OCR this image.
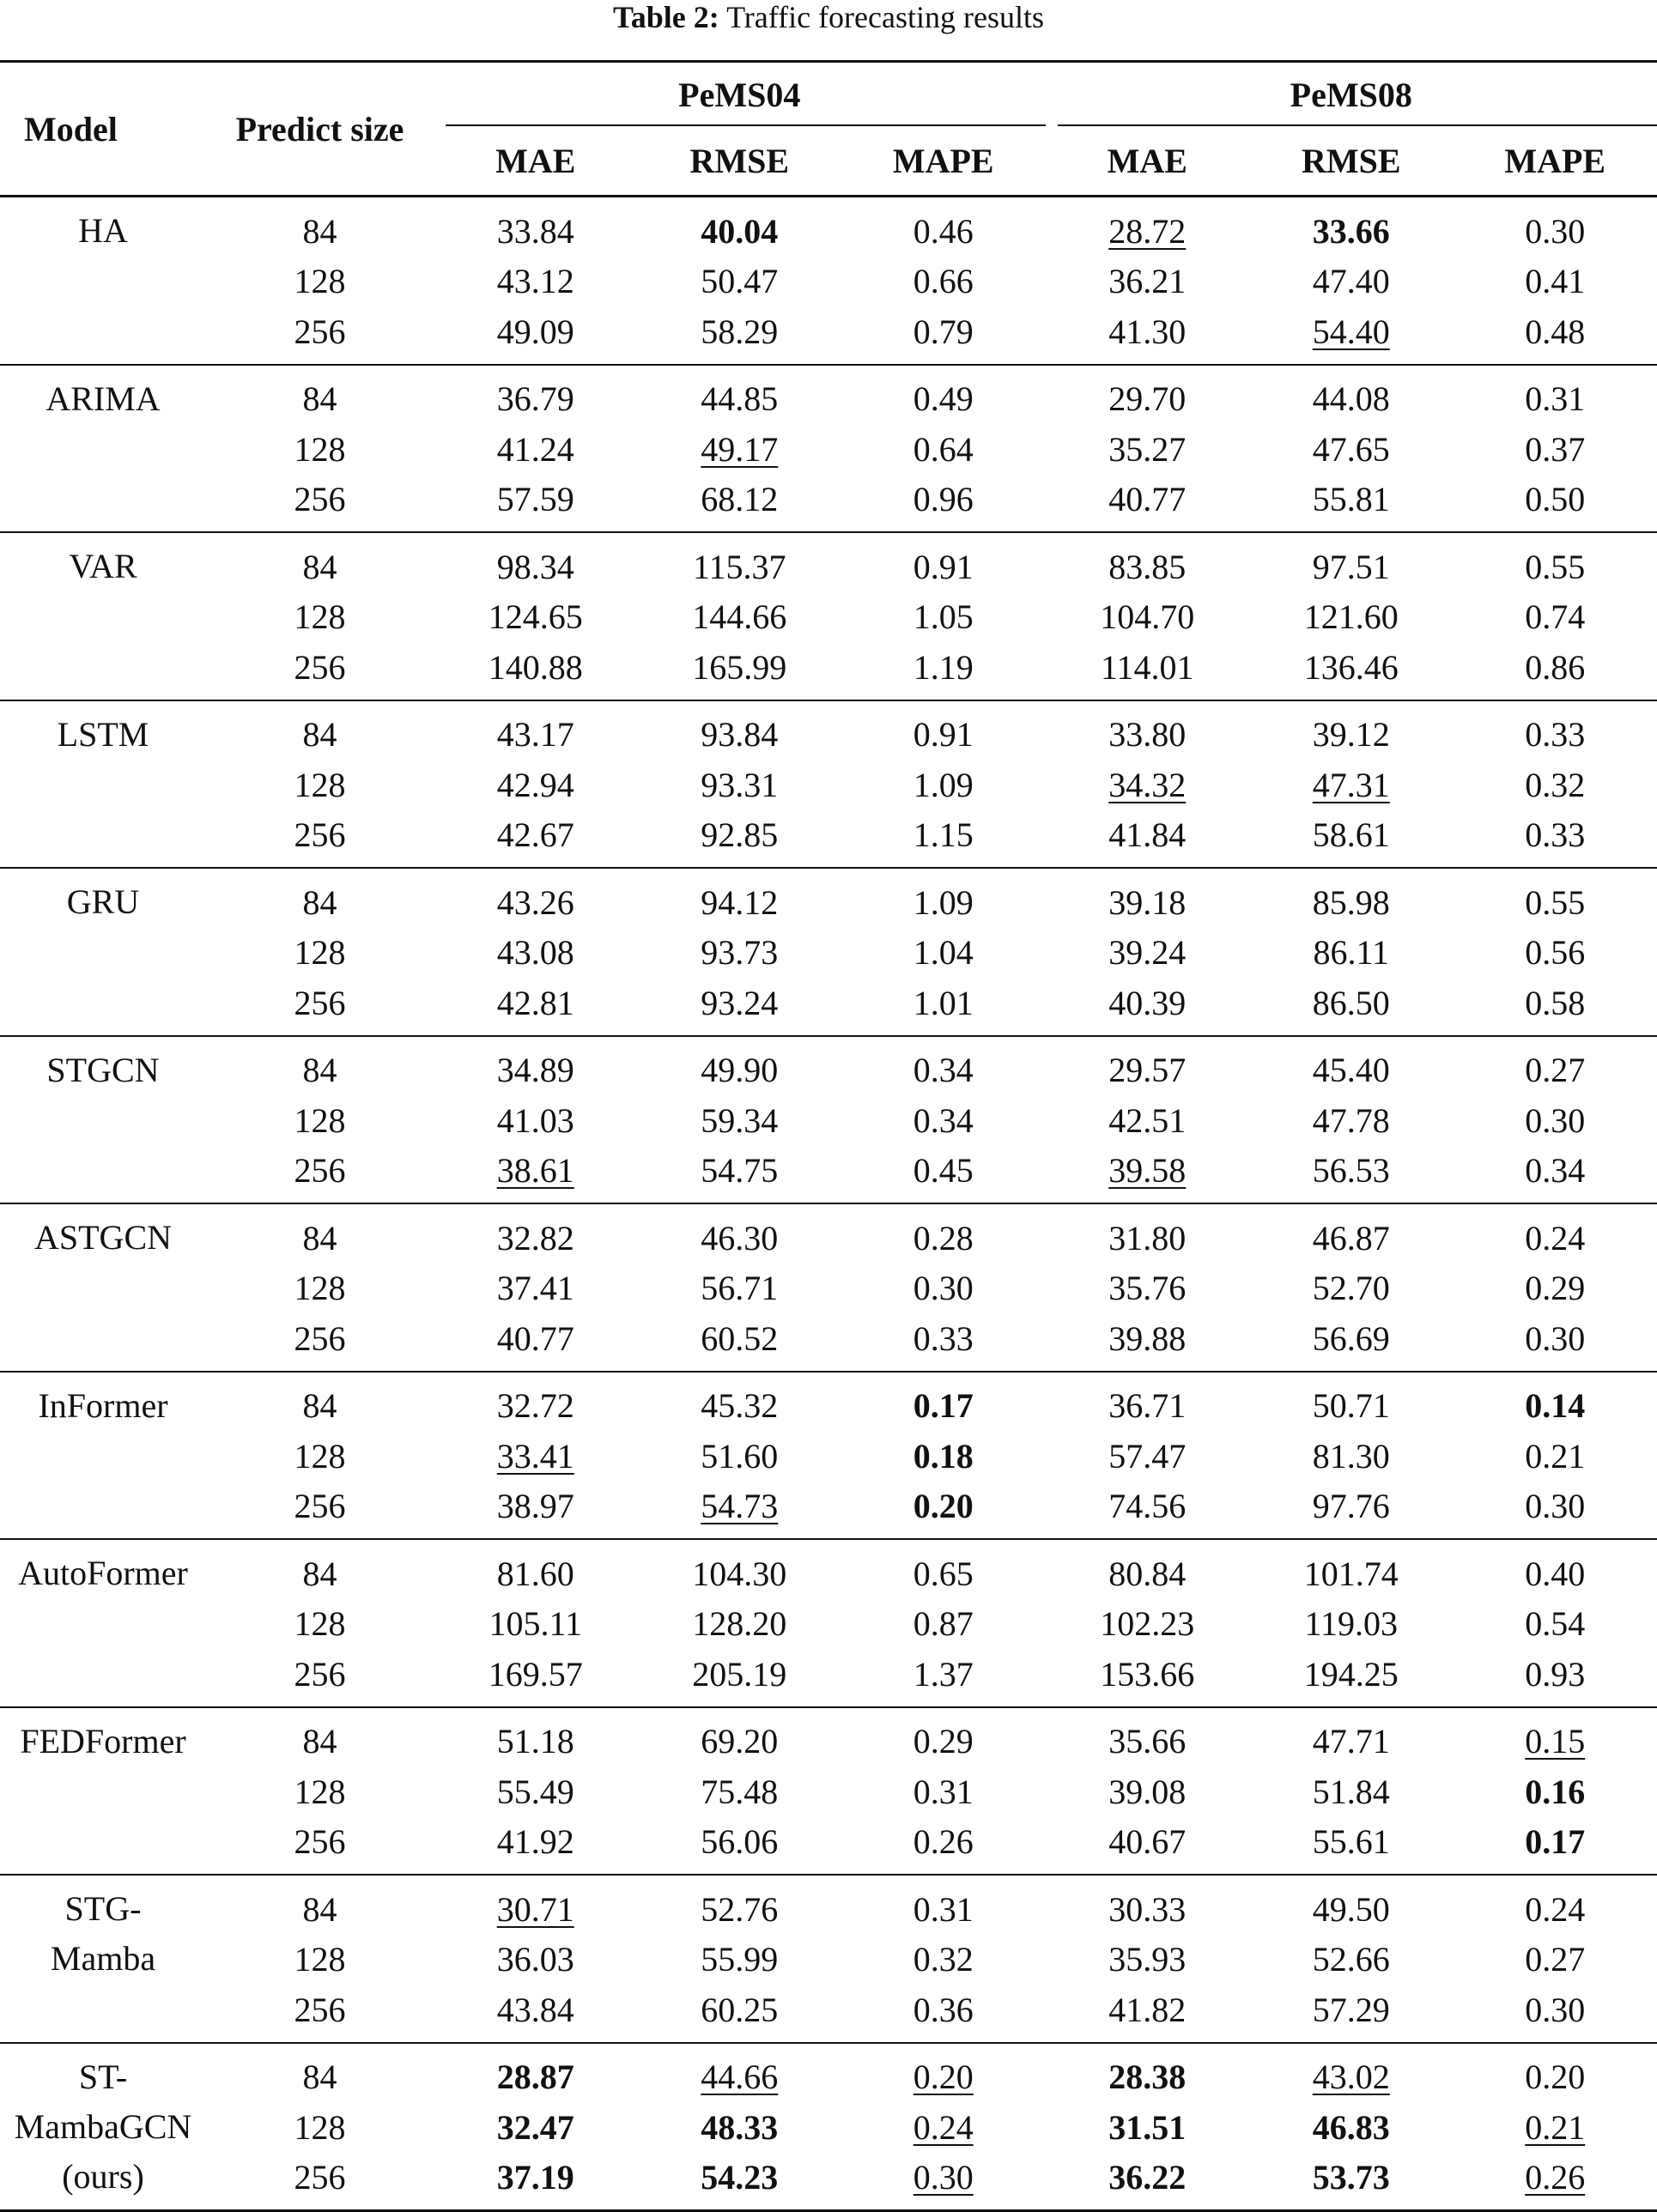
Table 2: Traffic forecasting results
Model	Predict size	PeMS04			PeMS08		

		MAE	RMSE	MAPE	MAE	RMSE	MAPE

HA	84	33.84	40.04	0.46	28.72	33.66	0.30
	128	43.12	50.47	0.66	36.21	47.40	0.41
	256	49.09	58.29	0.79	41.30	54.40	0.48

ARIMA	84	36.79	44.85	0.49	29.70	44.08	0.31
	128	41.24	49.17	0.64	35.27	47.65	0.37
	256	57.59	68.12	0.96	40.77	55.81	0.50

VAR	84	98.34	115.37	0.91	83.85	97.51	0.55
	128	124.65	144.66	1.05	104.70	121.60	0.74
	256	140.88	165.99	1.19	114.01	136.46	0.86

LSTM	84	43.17	93.84	0.91	33.80	39.12	0.33
	128	42.94	93.31	1.09	34.32	47.31	0.32
	256	42.67	92.85	1.15	41.84	58.61	0.33

GRU	84	43.26	94.12	1.09	39.18	85.98	0.55
	128	43.08	93.73	1.04	39.24	86.11	0.56
	256	42.81	93.24	1.01	40.39	86.50	0.58

STGCN	84	34.89	49.90	0.34	29.57	45.40	0.27
	128	41.03	59.34	0.34	42.51	47.78	0.30
	256	38.61	54.75	0.45	39.58	56.53	0.34

ASTGCN	84	32.82	46.30	0.28	31.80	46.87	0.24
	128	37.41	56.71	0.30	35.76	52.70	0.29
	256	40.77	60.52	0.33	39.88	56.69	0.30

InFormer	84	32.72	45.32	0.17	36.71	50.71	0.14
	128	33.41	51.60	0.18	57.47	81.30	0.21
	256	38.97	54.73	0.20	74.56	97.76	0.30

AutoFormer	84	81.60	104.30	0.65	80.84	101.74	0.40
	128	105.11	128.20	0.87	102.23	119.03	0.54
	256	169.57	205.19	1.37	153.66	194.25	0.93

FEDFormer	84	51.18	69.20	0.29	35.66	47.71	0.15
	128	55.49	75.48	0.31	39.08	51.84	0.16
	256	41.92	56.06	0.26	40.67	55.61	0.17

STG-
Mamba	84	30.71	52.76	0.31	30.33	49.50	0.24
	128	36.03	55.99	0.32	35.93	52.66	0.27
	256	43.84	60.25	0.36	41.82	57.29	0.30

ST-
MambaGCN
(ours)	84	28.87	44.66	0.20	28.38	43.02	0.20
	128	32.47	48.33	0.24	31.51	46.83	0.21
	256	37.19	54.23	0.30	36.22	53.73	0.26
